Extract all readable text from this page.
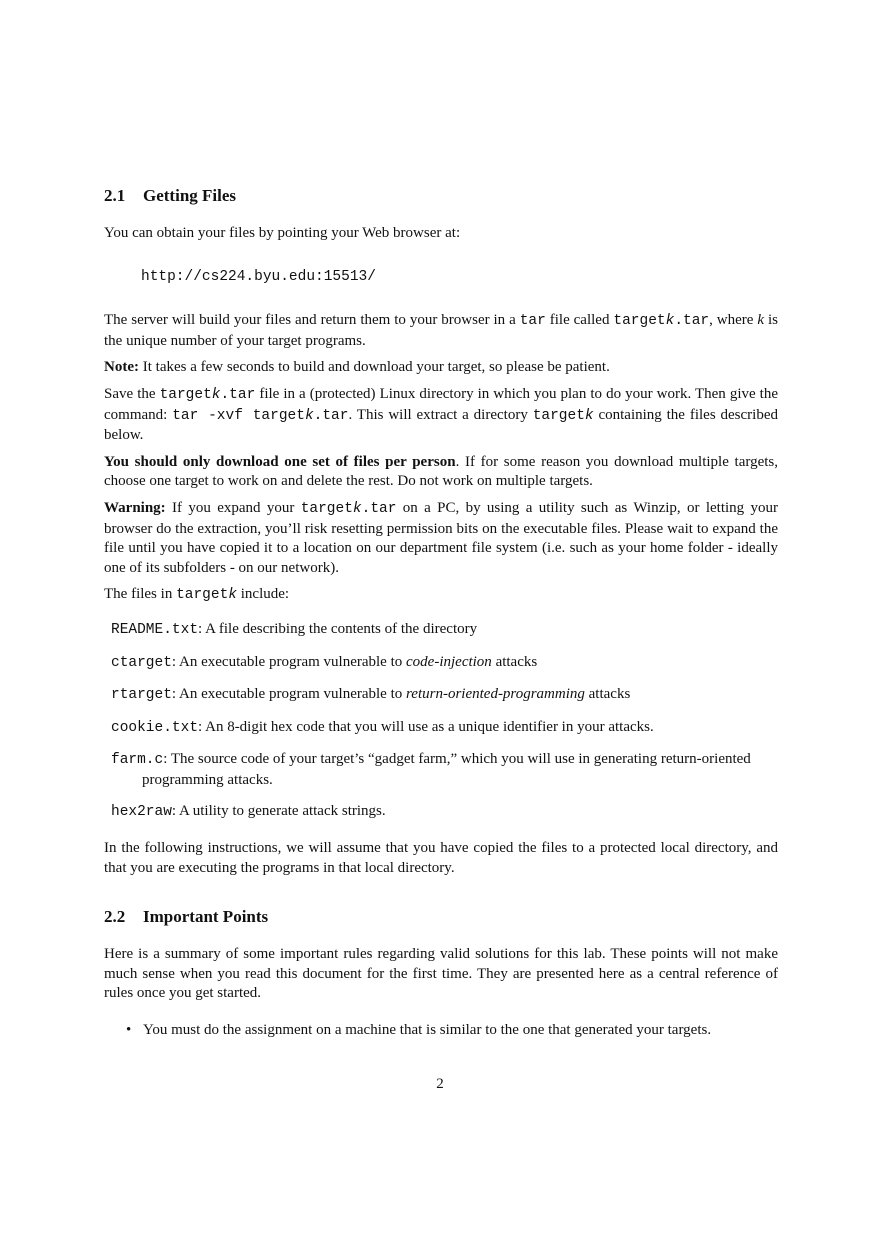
2.1 Getting Files

You can obtain your files by pointing your Web browser at:

http://cs224.byu.edu:15513/

The server will build your files and return them to your browser in a tar file called targetk.tar, where k is the unique number of your target programs.

Note: It takes a few seconds to build and download your target, so please be patient.

Save the targetk.tar file in a (protected) Linux directory in which you plan to do your work. Then give the command: tar -xvf targetk.tar. This will extract a directory targetk containing the files described below.

You should only download one set of files per person. If for some reason you download multiple targets, choose one target to work on and delete the rest. Do not work on multiple targets.

Warning: If you expand your targetk.tar on a PC, by using a utility such as Winzip, or letting your browser do the extraction, you’ll risk resetting permission bits on the executable files. Please wait to expand the file until you have copied it to a location on our department file system (i.e. such as your home folder - ideally one of its subfolders - on our network).

The files in targetk include:

README.txt: A file describing the contents of the directory
ctarget: An executable program vulnerable to code-injection attacks
rtarget: An executable program vulnerable to return-oriented-programming attacks
cookie.txt: An 8-digit hex code that you will use as a unique identifier in your attacks.
farm.c: The source code of your target’s “gadget farm,” which you will use in generating return-oriented programming attacks.
hex2raw: A utility to generate attack strings.

In the following instructions, we will assume that you have copied the files to a protected local directory, and that you are executing the programs in that local directory.

2.2 Important Points

Here is a summary of some important rules regarding valid solutions for this lab. These points will not make much sense when you read this document for the first time. They are presented here as a central reference of rules once you get started.

• You must do the assignment on a machine that is similar to the one that generated your targets.
2
